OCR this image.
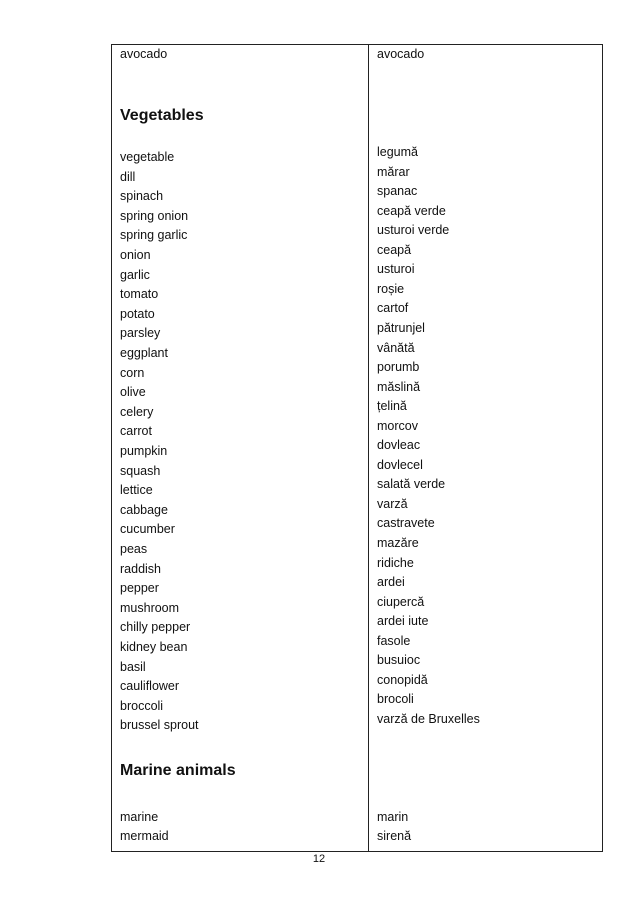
avocado	avocado
Vegetables
vegetable
dill
spinach
spring onion
spring garlic
onion
garlic
tomato
potato
parsley
eggplant
corn
olive
celery
carrot
pumpkin
squash
lettice
cabbage
cucumber
peas
raddish
pepper
mushroom
chilly pepper
kidney bean
basil
cauliflower
broccoli
brussel sprout
legumă
mărar
spanac
ceapă verde
usturoi verde
ceapă
usturoi
roșie
cartof
pătrunjel
vânătă
porumb
măslină
țelină
morcov
dovleac
dovlecel
salată verde
varză
castravete
mazăre
ridiche
ardei
ciupercă
ardei iute
fasole
busuioc
conopidă
brocoli
varză de Bruxelles
Marine animals
marine
mermaid
marin
sirenă
12
